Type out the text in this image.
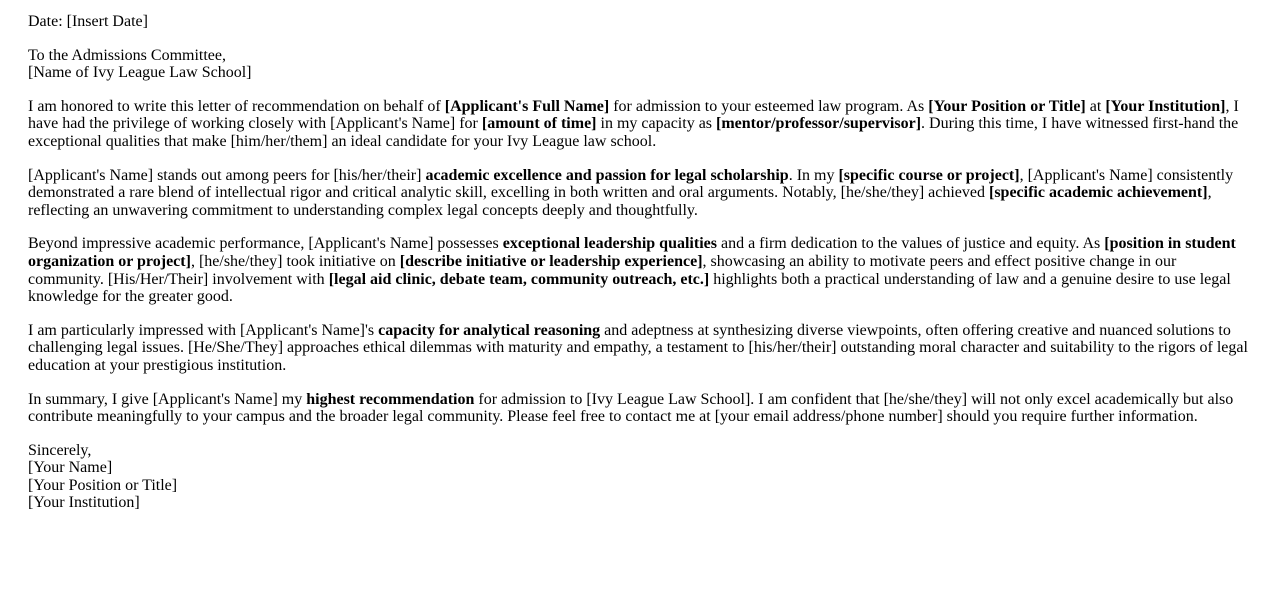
Date: [Insert Date]

To the Admissions Committee,
[Name of Ivy League Law School]

I am honored to write this letter of recommendation on behalf of [Applicant's Full Name] for admission to your esteemed law program. As [Your Position or Title] at [Your Institution], I have had the privilege of working closely with [Applicant's Name] for [amount of time] in my capacity as [mentor/professor/supervisor]. During this time, I have witnessed first-hand the exceptional qualities that make [him/her/them] an ideal candidate for your Ivy League law school.

[Applicant's Name] stands out among peers for [his/her/their] academic excellence and passion for legal scholarship. In my [specific course or project], [Applicant's Name] consistently demonstrated a rare blend of intellectual rigor and critical analytic skill, excelling in both written and oral arguments. Notably, [he/she/they] achieved [specific academic achievement], reflecting an unwavering commitment to understanding complex legal concepts deeply and thoughtfully.

Beyond impressive academic performance, [Applicant's Name] possesses exceptional leadership qualities and a firm dedication to the values of justice and equity. As [position in student organization or project], [he/she/they] took initiative on [describe initiative or leadership experience], showcasing an ability to motivate peers and effect positive change in our community. [His/Her/Their] involvement with [legal aid clinic, debate team, community outreach, etc.] highlights both a practical understanding of law and a genuine desire to use legal knowledge for the greater good.

I am particularly impressed with [Applicant's Name]'s capacity for analytical reasoning and adeptness at synthesizing diverse viewpoints, often offering creative and nuanced solutions to challenging legal issues. [He/She/They] approaches ethical dilemmas with maturity and empathy, a testament to [his/her/their] outstanding moral character and suitability to the rigors of legal education at your prestigious institution.

In summary, I give [Applicant's Name] my highest recommendation for admission to [Ivy League Law School]. I am confident that [he/she/they] will not only excel academically but also contribute meaningfully to your campus and the broader legal community. Please feel free to contact me at [your email address/phone number] should you require further information.

Sincerely,
[Your Name]
[Your Position or Title]
[Your Institution]
